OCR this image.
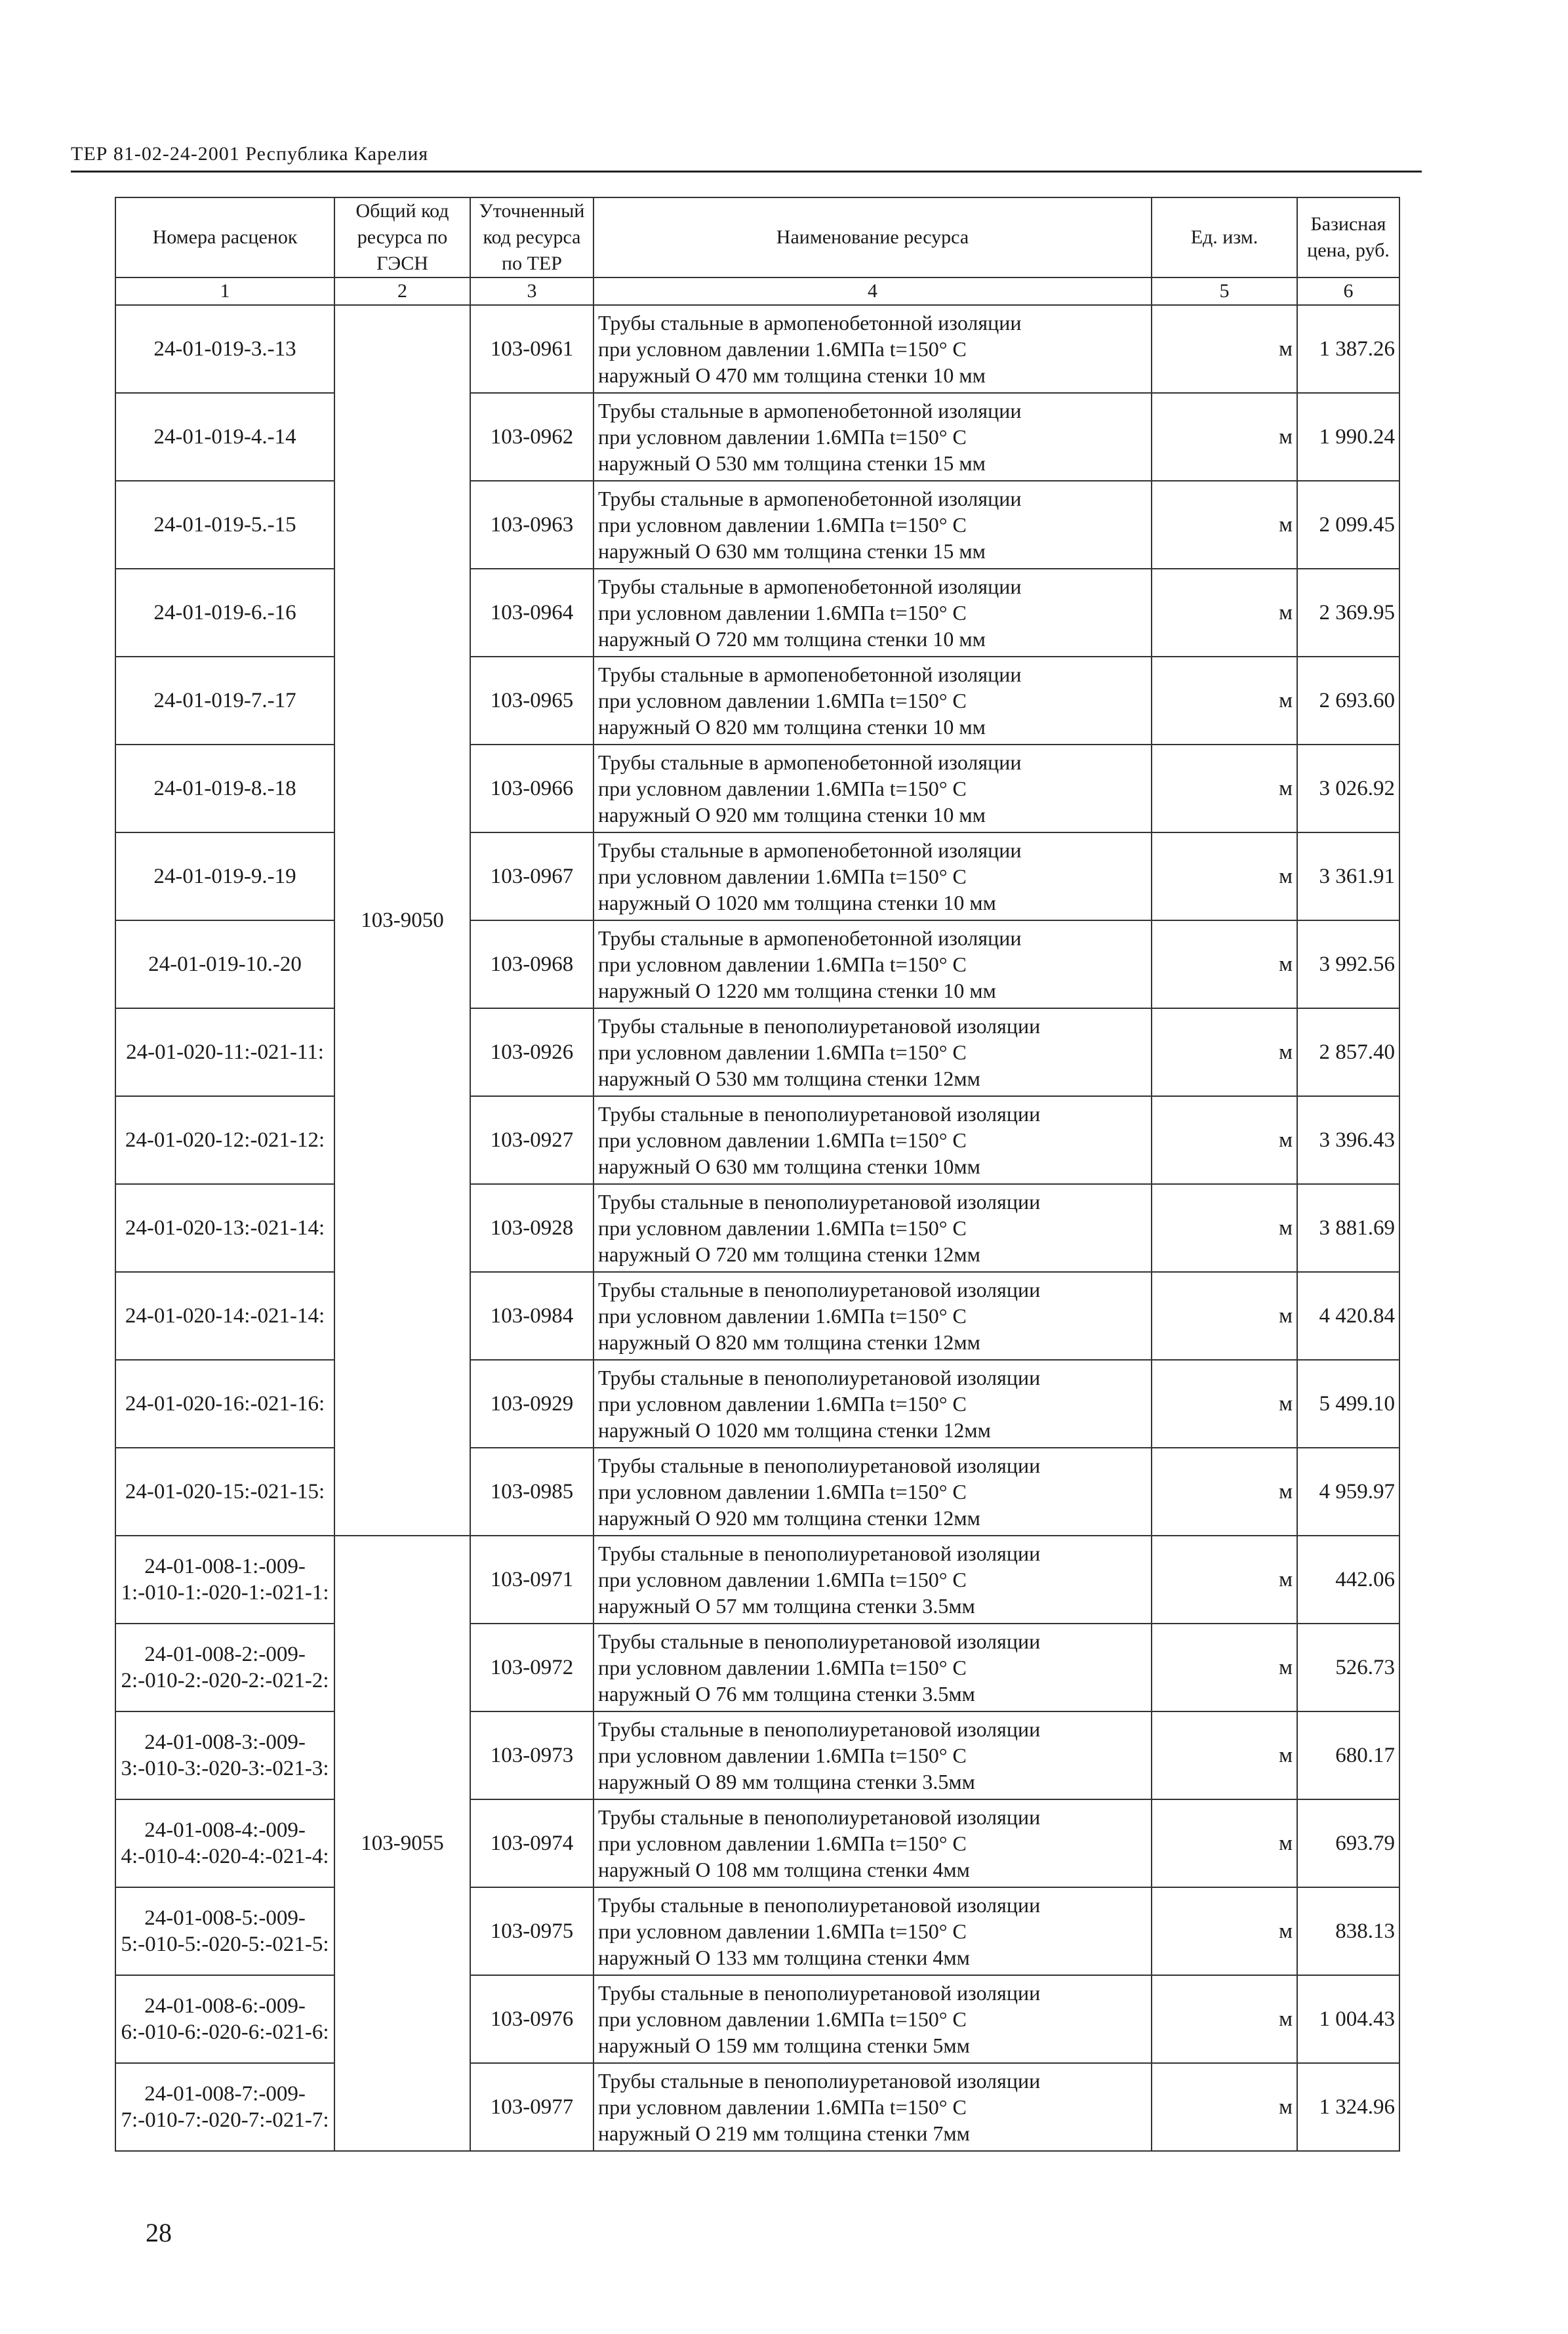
ТЕР 81-02-24-2001 Республика Карелия
Номера расценок	Общий код ресурса по ГЭСН	Уточненный код ресурса по ТЕР	Наименование ресурса	Ед. изм.	Базисная цена, руб.
1	2	3	4	5	6
24-01-019-3.-13	103-9050	103-0961	Трубы стальные в армопенобетонной изоляции
при условном давлении 1.6МПа t=150° С
наружный O 470 мм толщина стенки 10 мм	м	1 387.26
24-01-019-4.-14		103-0962	Трубы стальные в армопенобетонной изоляции
при условном давлении 1.6МПа t=150° С
наружный O 530 мм толщина стенки 15 мм	м	1 990.24
24-01-019-5.-15		103-0963	Трубы стальные в армопенобетонной изоляции
при условном давлении 1.6МПа t=150° С
наружный O 630 мм толщина стенки 15 мм	м	2 099.45
24-01-019-6.-16		103-0964	Трубы стальные в армопенобетонной изоляции
при условном давлении 1.6МПа t=150° С
наружный O 720 мм толщина стенки 10 мм	м	2 369.95
24-01-019-7.-17		103-0965	Трубы стальные в армопенобетонной изоляции
при условном давлении 1.6МПа t=150° С
наружный O 820 мм толщина стенки 10 мм	м	2 693.60
24-01-019-8.-18		103-0966	Трубы стальные в армопенобетонной изоляции
при условном давлении 1.6МПа t=150° С
наружный O 920 мм толщина стенки 10 мм	м	3 026.92
24-01-019-9.-19		103-0967	Трубы стальные в армопенобетонной изоляции
при условном давлении 1.6МПа t=150° С
наружный O 1020 мм толщина стенки 10 мм	м	3 361.91
24-01-019-10.-20		103-0968	Трубы стальные в армопенобетонной изоляции
при условном давлении 1.6МПа t=150° С
наружный O 1220 мм толщина стенки 10 мм	м	3 992.56
24-01-020-11:-021-11:		103-0926	Трубы стальные в пенополиуретановой изоляции
при условном давлении 1.6МПа t=150° С
наружный O 530 мм толщина стенки 12мм	м	2 857.40
24-01-020-12:-021-12:		103-0927	Трубы стальные в пенополиуретановой изоляции
при условном давлении 1.6МПа t=150° С
наружный O 630 мм толщина стенки 10мм	м	3 396.43
24-01-020-13:-021-14:		103-0928	Трубы стальные в пенополиуретановой изоляции
при условном давлении 1.6МПа t=150° С
наружный O 720 мм толщина стенки 12мм	м	3 881.69
24-01-020-14:-021-14:		103-0984	Трубы стальные в пенополиуретановой изоляции
при условном давлении 1.6МПа t=150° С
наружный O 820 мм толщина стенки 12мм	м	4 420.84
24-01-020-16:-021-16:		103-0929	Трубы стальные в пенополиуретановой изоляции
при условном давлении 1.6МПа t=150° С
наружный O 1020 мм толщина стенки 12мм	м	5 499.10
24-01-020-15:-021-15:		103-0985	Трубы стальные в пенополиуретановой изоляции
при условном давлении 1.6МПа t=150° С
наружный O 920 мм толщина стенки 12мм	м	4 959.97
24-01-008-1:-009-1:-010-1:-020-1:-021-1:	103-9055	103-0971	Трубы стальные в пенополиуретановой изоляции
при условном давлении 1.6МПа t=150° С
наружный O 57 мм толщина стенки 3.5мм	м	442.06
24-01-008-2:-009-2:-010-2:-020-2:-021-2:		103-0972	Трубы стальные в пенополиуретановой изоляции
при условном давлении 1.6МПа t=150° С
наружный O 76 мм толщина стенки 3.5мм	м	526.73
24-01-008-3:-009-3:-010-3:-020-3:-021-3:		103-0973	Трубы стальные в пенополиуретановой изоляции
при условном давлении 1.6МПа t=150° С
наружный O 89 мм толщина стенки 3.5мм	м	680.17
24-01-008-4:-009-4:-010-4:-020-4:-021-4:		103-0974	Трубы стальные в пенополиуретановой изоляции
при условном давлении 1.6МПа t=150° С
наружный O 108 мм толщина стенки 4мм	м	693.79
24-01-008-5:-009-5:-010-5:-020-5:-021-5:		103-0975	Трубы стальные в пенополиуретановой изоляции
при условном давлении 1.6МПа t=150° С
наружный O 133 мм толщина стенки 4мм	м	838.13
24-01-008-6:-009-6:-010-6:-020-6:-021-6:		103-0976	Трубы стальные в пенополиуретановой изоляции
при условном давлении 1.6МПа t=150° С
наружный O 159 мм толщина стенки 5мм	м	1 004.43
24-01-008-7:-009-7:-010-7:-020-7:-021-7:		103-0977	Трубы стальные в пенополиуретановой изоляции
при условном давлении 1.6МПа t=150° С
наружный O 219 мм толщина стенки 7мм	м	1 324.96
28
